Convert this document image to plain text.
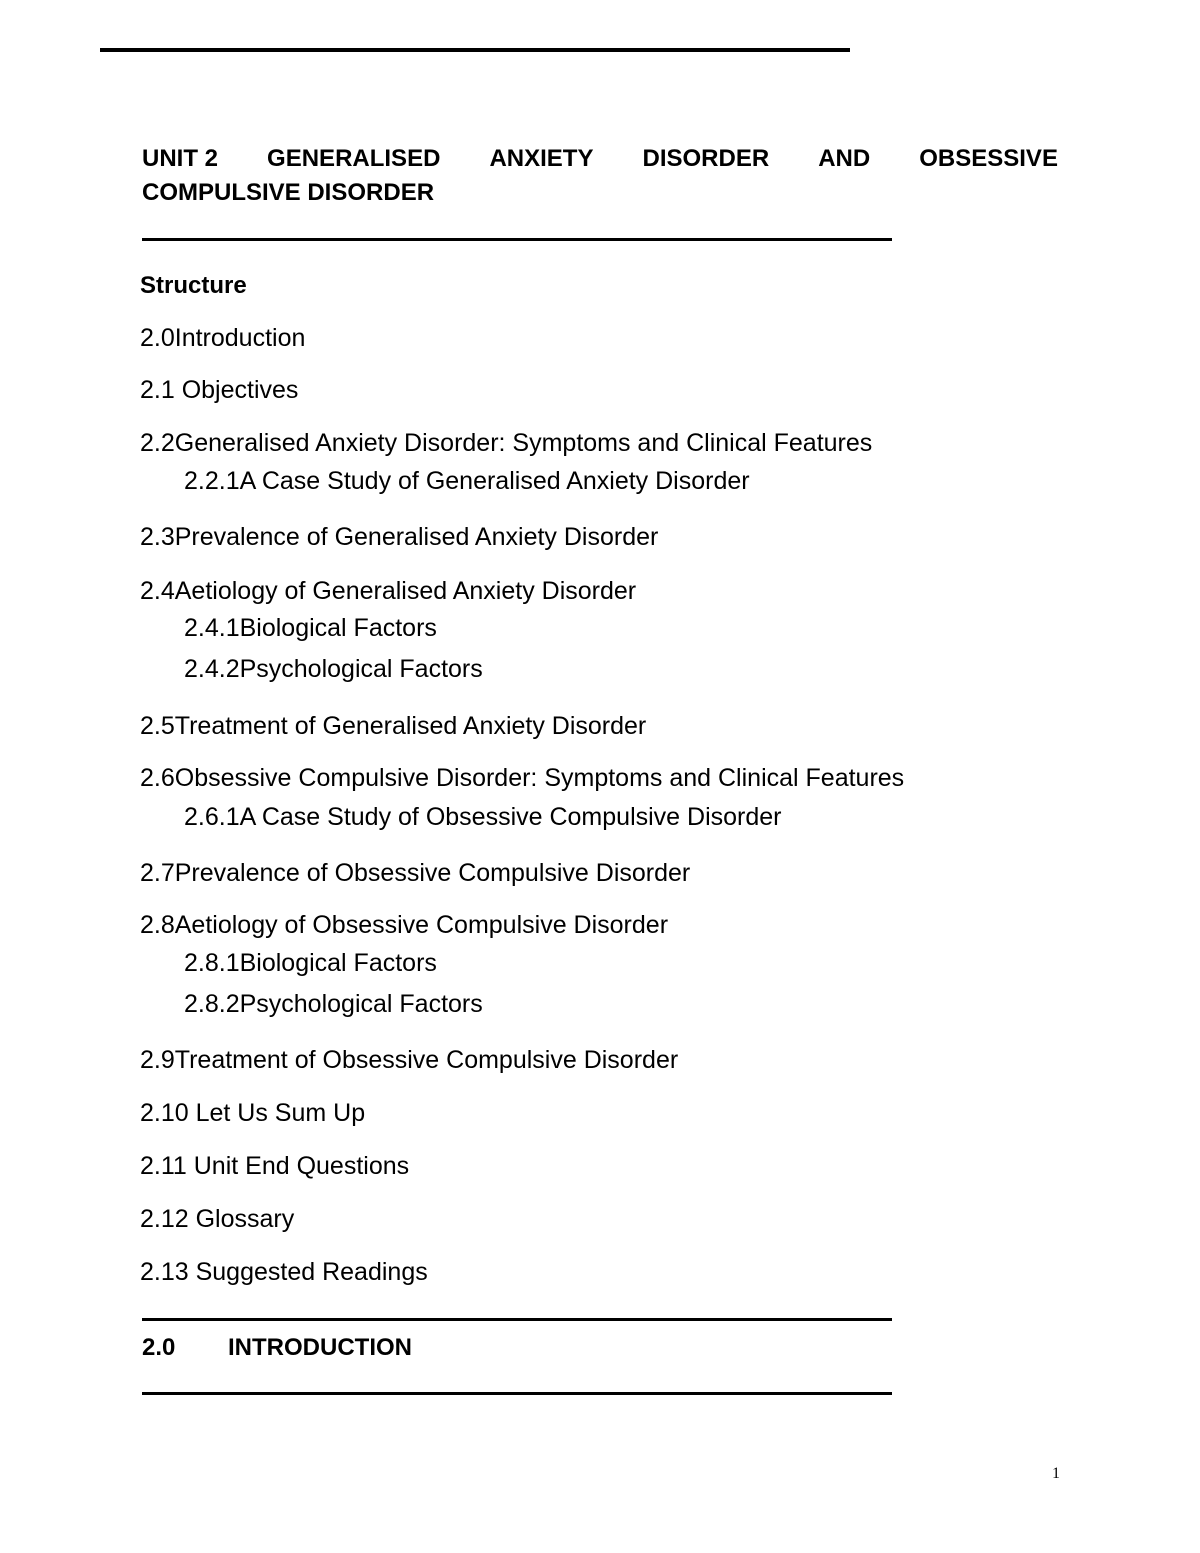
UNIT 2 GENERALISED ANXIETY DISORDER AND OBSESSIVE
COMPULSIVE DISORDER
Structure
2.0Introduction
2.1 Objectives
2.2Generalised Anxiety Disorder: Symptoms and Clinical Features
2.2.1A Case Study of Generalised Anxiety Disorder
2.3Prevalence of Generalised Anxiety Disorder
2.4Aetiology of Generalised Anxiety Disorder
2.4.1Biological Factors
2.4.2Psychological Factors
2.5Treatment of Generalised Anxiety Disorder
2.6Obsessive Compulsive Disorder: Symptoms and Clinical Features
2.6.1A Case Study of Obsessive Compulsive Disorder
2.7Prevalence of Obsessive Compulsive Disorder
2.8Aetiology of Obsessive Compulsive Disorder
2.8.1Biological Factors
2.8.2Psychological Factors
2.9Treatment of Obsessive Compulsive Disorder
2.10 Let Us Sum Up
2.11 Unit End Questions
2.12 Glossary
2.13 Suggested Readings
2.0 INTRODUCTION
1
